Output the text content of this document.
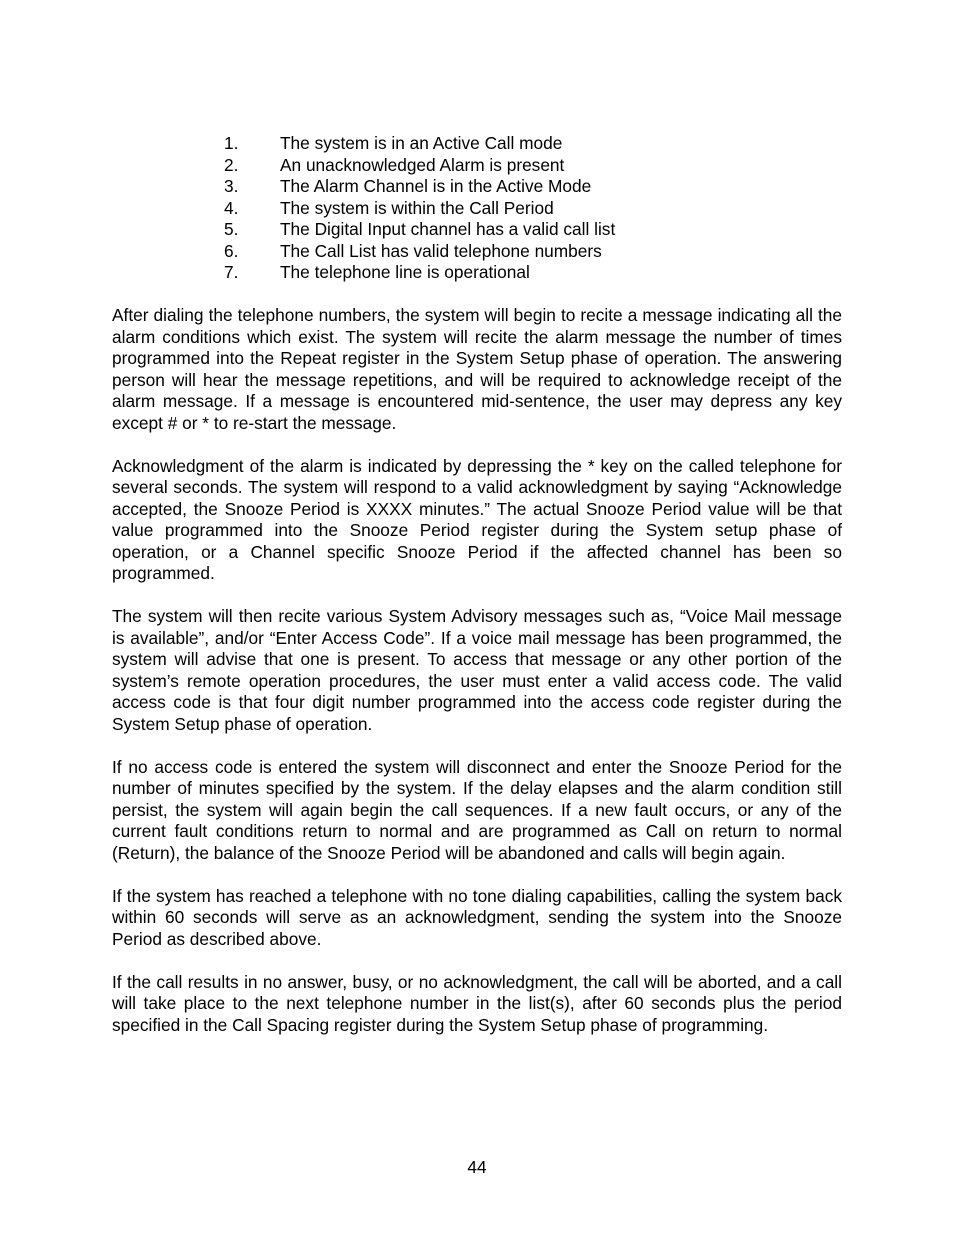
1.	The system is in an Active Call mode
2.	An unacknowledged Alarm is present
3.	The Alarm Channel is in the Active Mode
4.	The system is within the Call Period
5.	The Digital Input channel has a valid call list
6.	The Call List has valid telephone numbers
7.	The telephone line is operational

After dialing the telephone numbers, the system will begin to recite a message indicating all the alarm conditions which exist. The system will recite the alarm message the number of times programmed into the Repeat register in the System Setup phase of operation. The answering person will hear the message repetitions, and will be required to acknowledge receipt of the alarm message. If a message is encountered mid-sentence, the user may depress any key except # or * to re-start the message.

Acknowledgment of the alarm is indicated by depressing the * key on the called telephone for several seconds. The system will respond to a valid acknowledgment by saying “Acknowledge accepted, the Snooze Period is XXXX minutes.” The actual Snooze Period value will be that value programmed into the Snooze Period register during the System setup phase of operation, or a Channel specific Snooze Period if the affected channel has been so programmed.

The system will then recite various System Advisory messages such as, “Voice Mail message is available”, and/or “Enter Access Code”. If a voice mail message has been programmed, the system will advise that one is present. To access that message or any other portion of the system’s remote operation procedures, the user must enter a valid access code. The valid access code is that four digit number programmed into the access code register during the System Setup phase of operation.

If no access code is entered the system will disconnect and enter the Snooze Period for the number of minutes specified by the system. If the delay elapses and the alarm condition still persist, the system will again begin the call sequences. If a new fault occurs, or any of the current fault conditions return to normal and are programmed as Call on return to normal (Return), the balance of the Snooze Period will be abandoned and calls will begin again.

If the system has reached a telephone with no tone dialing capabilities, calling the system back within 60 seconds will serve as an acknowledgment, sending the system into the Snooze Period as described above.

If the call results in no answer, busy, or no acknowledgment, the call will be aborted, and a call will take place to the next telephone number in the list(s), after 60 seconds plus the period specified in the Call Spacing register during the System Setup phase of programming.

44
